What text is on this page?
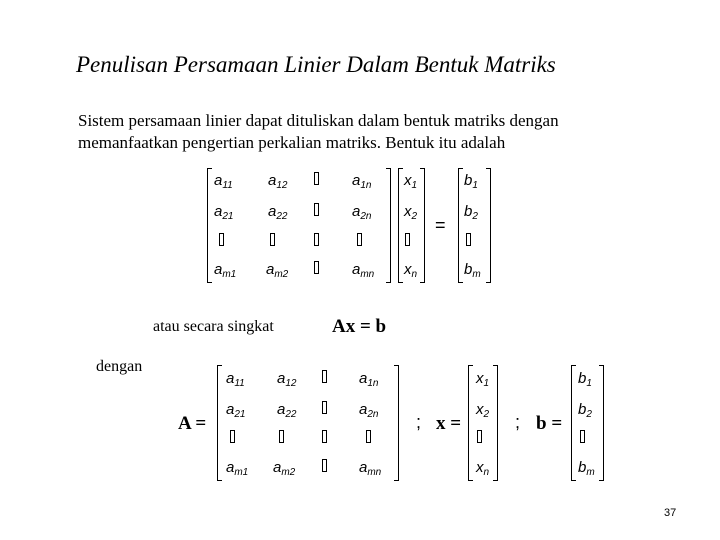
Penulisan Persamaan Linier Dalam Bentuk Matriks
Sistem persamaan linier dapat dituliskan dalam bentuk matriks dengan
memanfaatkan pengertian perkalian matriks. Bentuk itu adalah
$a_{11}$ $a_{12}$	$a_{1n}$
$a_{21}$ $a_{22}$	$a_{2n}$
$a_{m1}$ $a_{m2}$	$a_{mn}$
$x_1$
$x_2$
$x_n$
=
$b_1$
$b_2$
$b_m$
atau secara singkat	Ax = b
dengan
A =
$a_{11}$ $a_{12}$	$a_{1n}$
$a_{21}$ $a_{22}$	$a_{2n}$
$a_{m1}$ $a_{m2}$	$a_{mn}$
; x =
$x_1$
$x_2$
$x_n$
; b =
$b_1$
$b_2$
$b_m$
37
